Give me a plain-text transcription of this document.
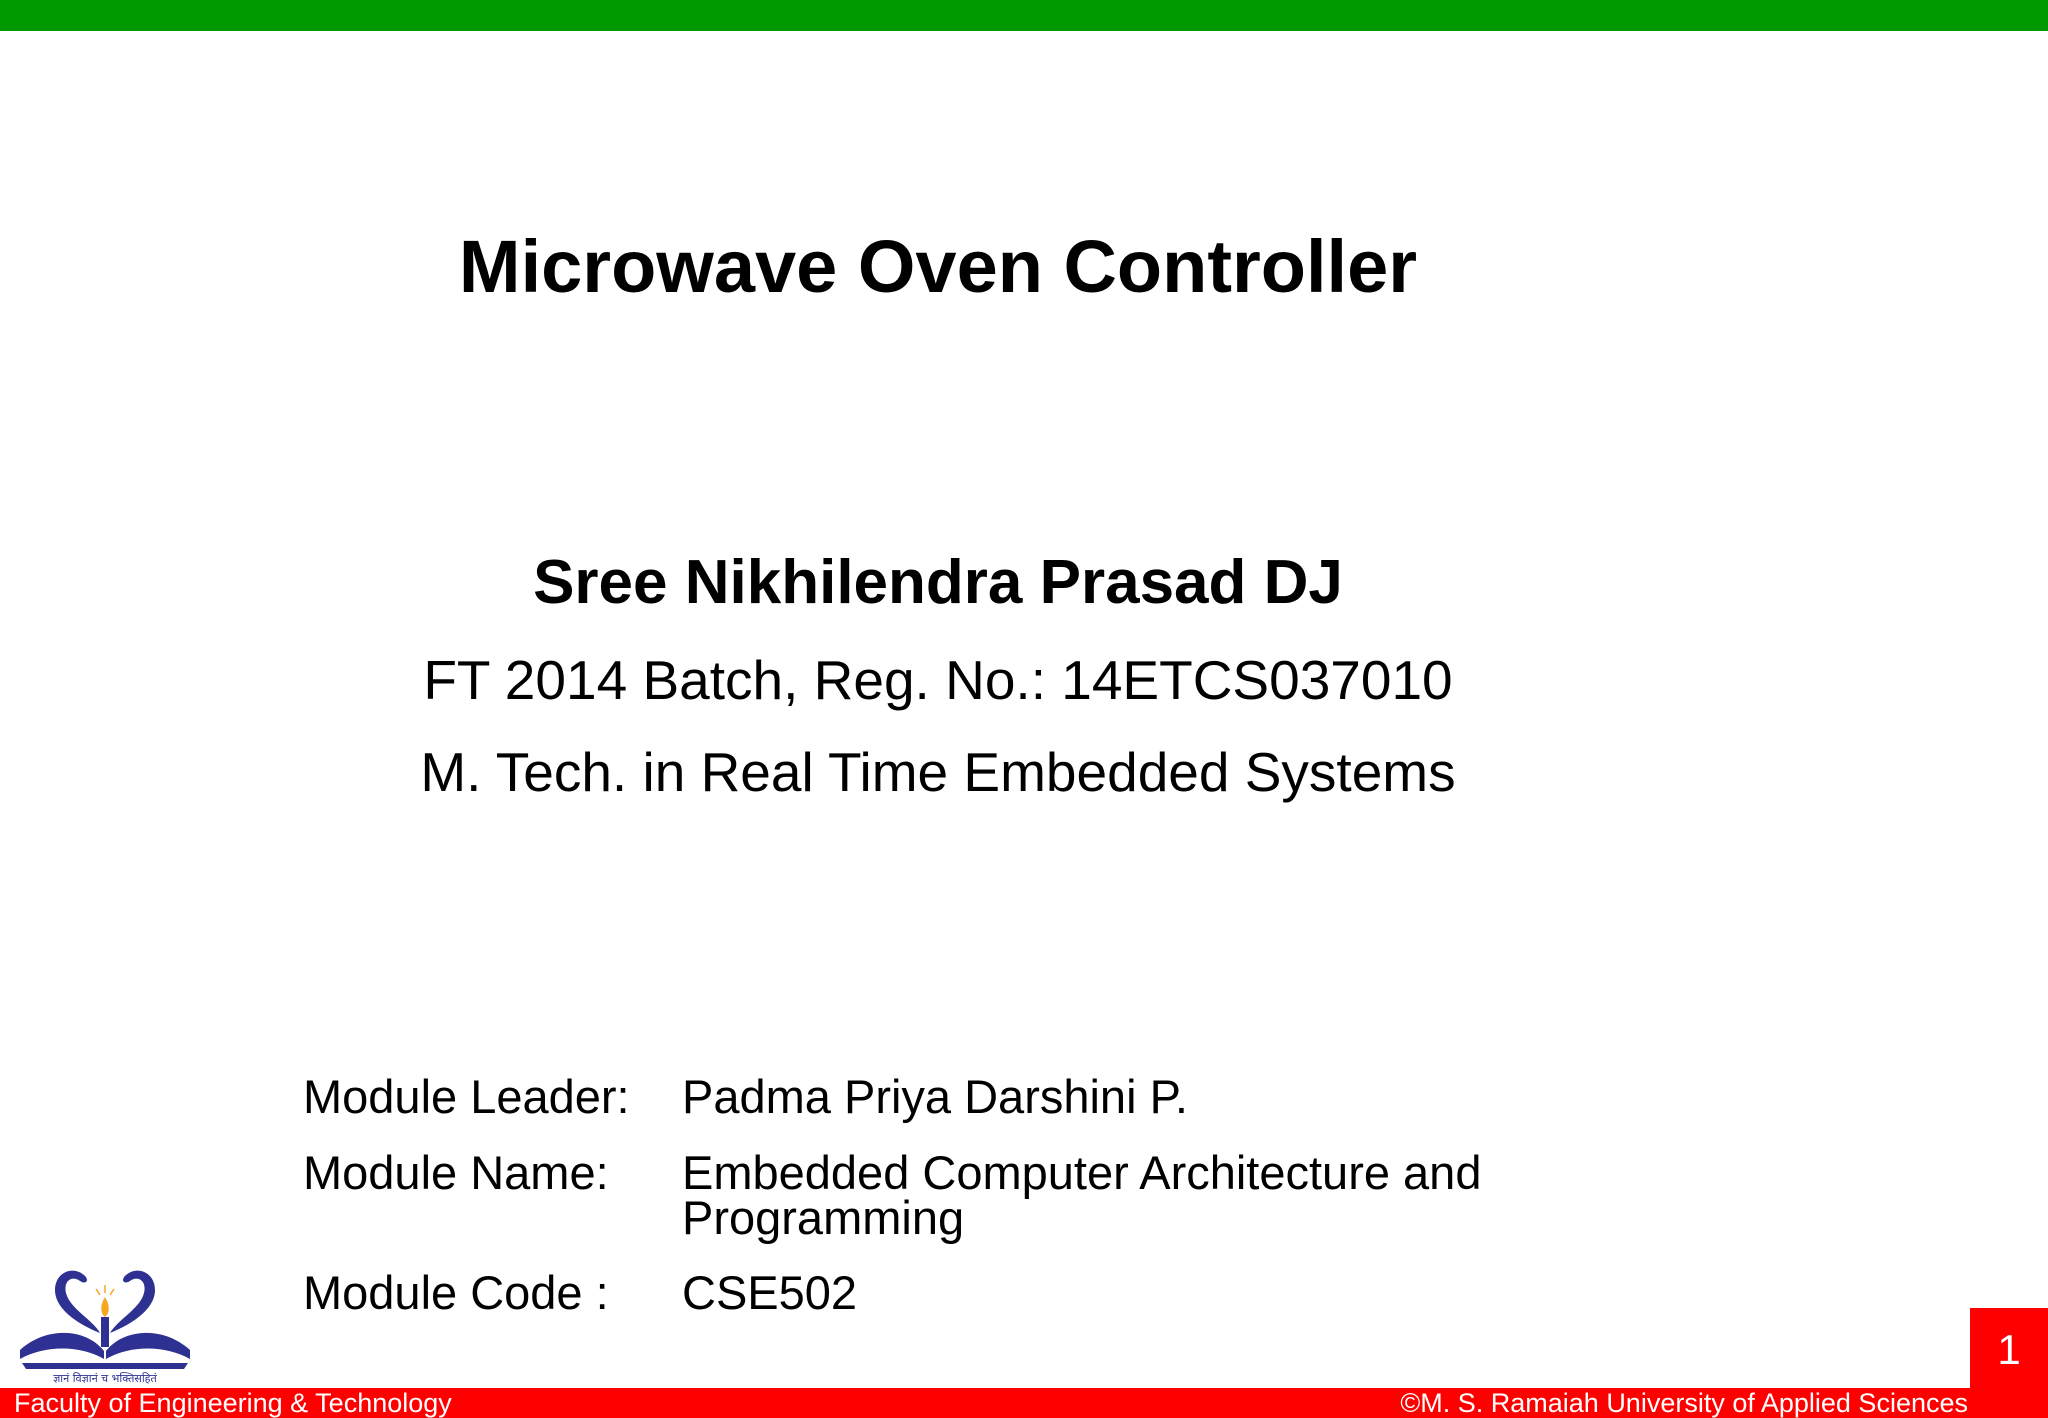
Microwave Oven Controller
Sree Nikhilendra Prasad DJ
FT 2014 Batch, Reg. No.: 14ETCS037010
M. Tech. in Real Time Embedded Systems
Module Leader: Padma Priya Darshini P.
Module Name: Embedded Computer Architecture and
Programming
Module Code : CSE502
ज्ञानं विज्ञानं च भक्तिसहितं
1
Faculty of Engineering & Technology	©M. S. Ramaiah University of Applied Sciences
